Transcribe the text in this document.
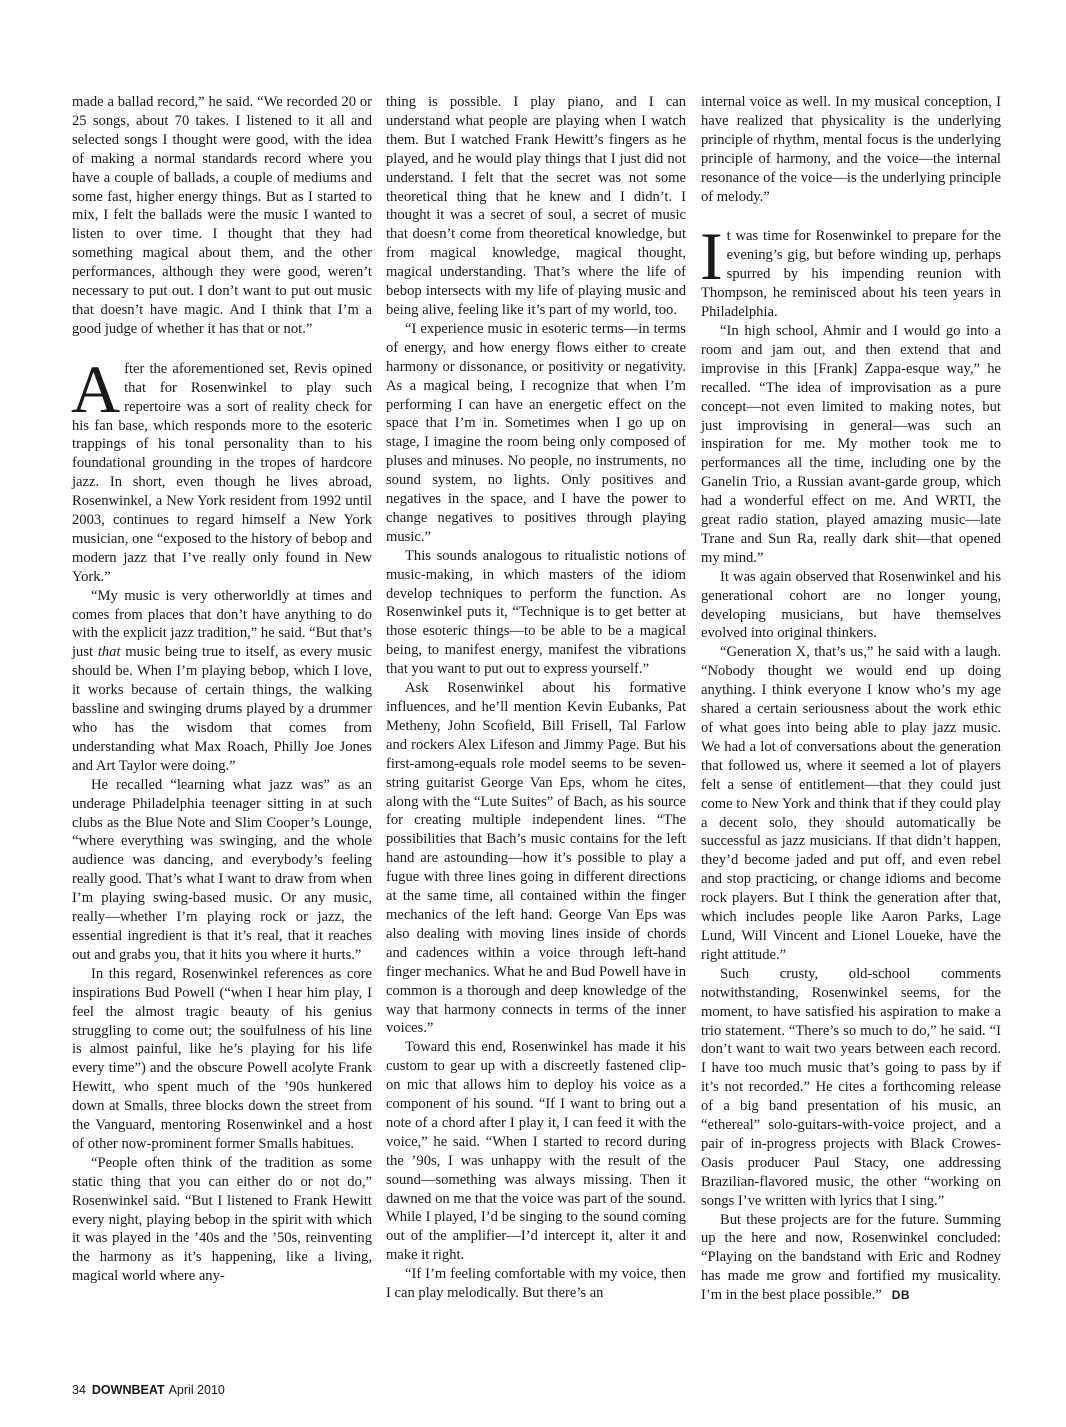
made a ballad record,” he said. “We recorded 20 or 25 songs, about 70 takes. I listened to it all and selected songs I thought were good, with the idea of making a normal standards record where you have a couple of ballads, a couple of mediums and some fast, higher energy things. But as I started to mix, I felt the ballads were the music I wanted to listen to over time. I thought that they had something magical about them, and the other performances, although they were good, weren’t necessary to put out. I don’t want to put out music that doesn’t have magic. And I think that I’m a good judge of whether it has that or not.”

After the aforementioned set, Revis opined that for Rosenwinkel to play such repertoire was a sort of reality check for his fan base, which responds more to the esoteric trappings of his tonal personality than to his foundational grounding in the tropes of hardcore jazz. In short, even though he lives abroad, Rosenwinkel, a New York resident from 1992 until 2003, continues to regard himself a New York musician, one “exposed to the history of bebop and modern jazz that I’ve really only found in New York.”

“My music is very otherworldly at times and comes from places that don’t have anything to do with the explicit jazz tradition,” he said. “But that’s just that music being true to itself, as every music should be. When I’m playing bebop, which I love, it works because of certain things, the walking bassline and swinging drums played by a drummer who has the wisdom that comes from understanding what Max Roach, Philly Joe Jones and Art Taylor were doing.”

He recalled “learning what jazz was” as an underage Philadelphia teenager sitting in at such clubs as the Blue Note and Slim Cooper’s Lounge, “where everything was swinging, and the whole audience was dancing, and everybody’s feeling really good. That’s what I want to draw from when I’m playing swing-based music. Or any music, really—whether I’m playing rock or jazz, the essential ingredient is that it’s real, that it reaches out and grabs you, that it hits you where it hurts.”

In this regard, Rosenwinkel references as core inspirations Bud Powell (“when I hear him play, I feel the almost tragic beauty of his genius struggling to come out; the soulfulness of his line is almost painful, like he’s playing for his life every time”) and the obscure Powell acolyte Frank Hewitt, who spent much of the ’90s hunkered down at Smalls, three blocks down the street from the Vanguard, mentoring Rosenwinkel and a host of other now-prominent former Smalls habitues.

“People often think of the tradition as some static thing that you can either do or not do,” Rosenwinkel said. “But I listened to Frank Hewitt every night, playing bebop in the spirit with which it was played in the ’40s and the ’50s, reinventing the harmony as it’s happening, like a living, magical world where any-

thing is possible. I play piano, and I can understand what people are playing when I watch them. But I watched Frank Hewitt’s fingers as he played, and he would play things that I just did not understand. I felt that the secret was not some theoretical thing that he knew and I didn’t. I thought it was a secret of soul, a secret of music that doesn’t come from theoretical knowledge, but from magical knowledge, magical thought, magical understanding. That’s where the life of bebop intersects with my life of playing music and being alive, feeling like it’s part of my world, too.

“I experience music in esoteric terms—in terms of energy, and how energy flows either to create harmony or dissonance, or positivity or negativity. As a magical being, I recognize that when I’m performing I can have an energetic effect on the space that I’m in. Sometimes when I go up on stage, I imagine the room being only composed of pluses and minuses. No people, no instruments, no sound system, no lights. Only positives and negatives in the space, and I have the power to change negatives to positives through playing music.”

This sounds analogous to ritualistic notions of music-making, in which masters of the idiom develop techniques to perform the function. As Rosenwinkel puts it, “Technique is to get better at those esoteric things—to be able to be a magical being, to manifest energy, manifest the vibrations that you want to put out to express yourself.”

Ask Rosenwinkel about his formative influences, and he’ll mention Kevin Eubanks, Pat Metheny, John Scofield, Bill Frisell, Tal Farlow and rockers Alex Lifeson and Jimmy Page. But his first-among-equals role model seems to be seven-string guitarist George Van Eps, whom he cites, along with the “Lute Suites” of Bach, as his source for creating multiple independent lines. “The possibilities that Bach’s music contains for the left hand are astounding—how it’s possible to play a fugue with three lines going in different directions at the same time, all contained within the finger mechanics of the left hand. George Van Eps was also dealing with moving lines inside of chords and cadences within a voice through left-hand finger mechanics. What he and Bud Powell have in common is a thorough and deep knowledge of the way that harmony connects in terms of the inner voices.”

Toward this end, Rosenwinkel has made it his custom to gear up with a discreetly fastened clip-on mic that allows him to deploy his voice as a component of his sound. “If I want to bring out a note of a chord after I play it, I can feed it with the voice,” he said. “When I started to record during the ’90s, I was unhappy with the result of the sound—something was always missing. Then it dawned on me that the voice was part of the sound. While I played, I’d be singing to the sound coming out of the amplifier—I’d intercept it, alter it and make it right.

“If I’m feeling comfortable with my voice, then I can play melodically. But there’s an

internal voice as well. In my musical conception, I have realized that physicality is the underlying principle of rhythm, mental focus is the underlying principle of harmony, and the voice—the internal resonance of the voice—is the underlying principle of melody.”

It was time for Rosenwinkel to prepare for the evening’s gig, but before winding up, perhaps spurred by his impending reunion with Thompson, he reminisced about his teen years in Philadelphia.

“In high school, Ahmir and I would go into a room and jam out, and then extend that and improvise in this [Frank] Zappa-esque way,” he recalled. “The idea of improvisation as a pure concept—not even limited to making notes, but just improvising in general—was such an inspiration for me. My mother took me to performances all the time, including one by the Ganelin Trio, a Russian avant-garde group, which had a wonderful effect on me. And WRTI, the great radio station, played amazing music—late Trane and Sun Ra, really dark shit—that opened my mind.”

It was again observed that Rosenwinkel and his generational cohort are no longer young, developing musicians, but have themselves evolved into original thinkers.

“Generation X, that’s us,” he said with a laugh. “Nobody thought we would end up doing anything. I think everyone I know who’s my age shared a certain seriousness about the work ethic of what goes into being able to play jazz music. We had a lot of conversations about the generation that followed us, where it seemed a lot of players felt a sense of entitlement—that they could just come to New York and think that if they could play a decent solo, they should automatically be successful as jazz musicians. If that didn’t happen, they’d become jaded and put off, and even rebel and stop practicing, or change idioms and become rock players. But I think the generation after that, which includes people like Aaron Parks, Lage Lund, Will Vincent and Lionel Loueke, have the right attitude.”

Such crusty, old-school comments notwithstanding, Rosenwinkel seems, for the moment, to have satisfied his aspiration to make a trio statement. “There’s so much to do,” he said. “I don’t want to wait two years between each record. I have too much music that’s going to pass by if it’s not recorded.” He cites a forthcoming release of a big band presentation of his music, an “ethereal” solo-guitars-with-voice project, and a pair of in-progress projects with Black Crowes-Oasis producer Paul Stacy, one addressing Brazilian-flavored music, the other “working on songs I’ve written with lyrics that I sing.”

But these projects are for the future. Summing up the here and now, Rosenwinkel concluded: “Playing on the bandstand with Eric and Rodney has made me grow and fortified my musicality. I’m in the best place possible.” DB

34 DOWNBEAT April 2010
